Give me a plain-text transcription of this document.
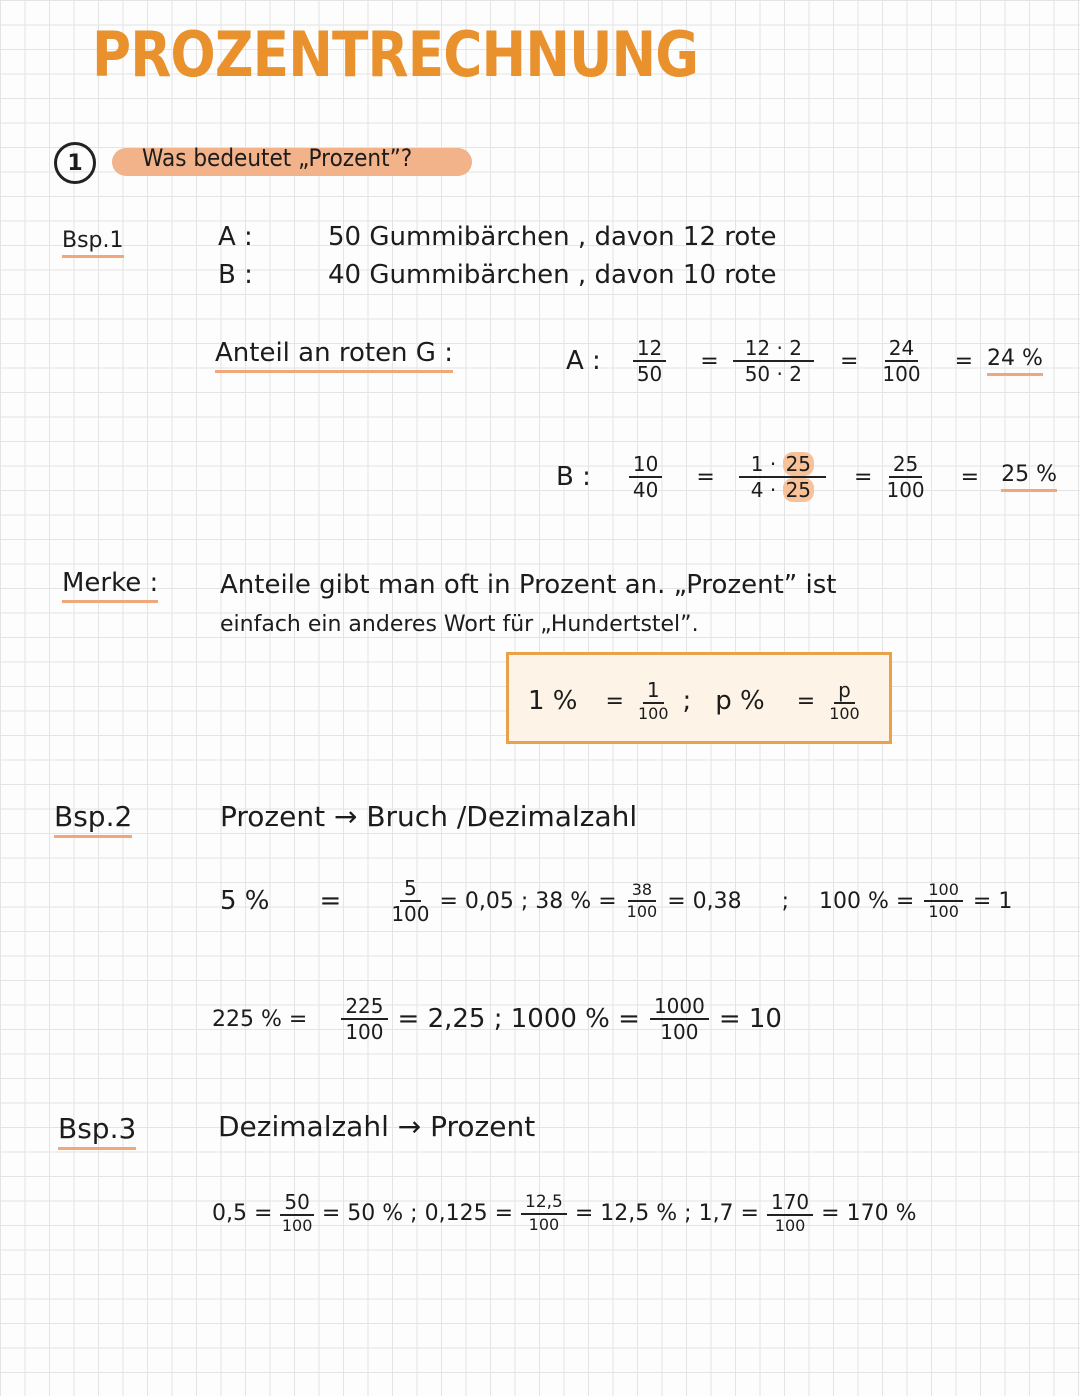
PROZENTRECHNUNG
1	Was bedeutet „Prozent”?
Bsp.1	A :	50 Gummibärchen , davon 12 rote
B :	40 Gummibärchen , davon 10 rote
Anteil an roten G :	A : $\frac{12}{50} = \frac{12 \cdot 2}{50 \cdot 2} = \frac{24}{100} = 24$ %
B : $\frac{10}{40} = \frac{1 \cdot 25}{4 \cdot 25} = \frac{25}{100} = 25$ %
Merke : Anteile gibt man oft in Prozent an. „Prozent” ist
einfach ein anderes Wort für „Hundertstel”.
1 % = 1
100 ; p % = p
100
Bsp.2	Prozent → Bruch /Dezimalzahl
5 % =	$\frac{5}{100} = 0,05$ ; 38 % = $\frac{38}{100} = 0,38$ ; 100 % = $\frac{100}{100} = 1$
225 % = $\frac{225}{100} = 2,25$ ; 1000 % = $\frac{1000}{100} = 10$
Bsp.3	Dezimalzahl → Prozent
0,5 = 50
100 = 50 % ; $0,125 = \frac{12,5}{100} = 12,5$ % ; 1,7 = 170
100 = 170 %
